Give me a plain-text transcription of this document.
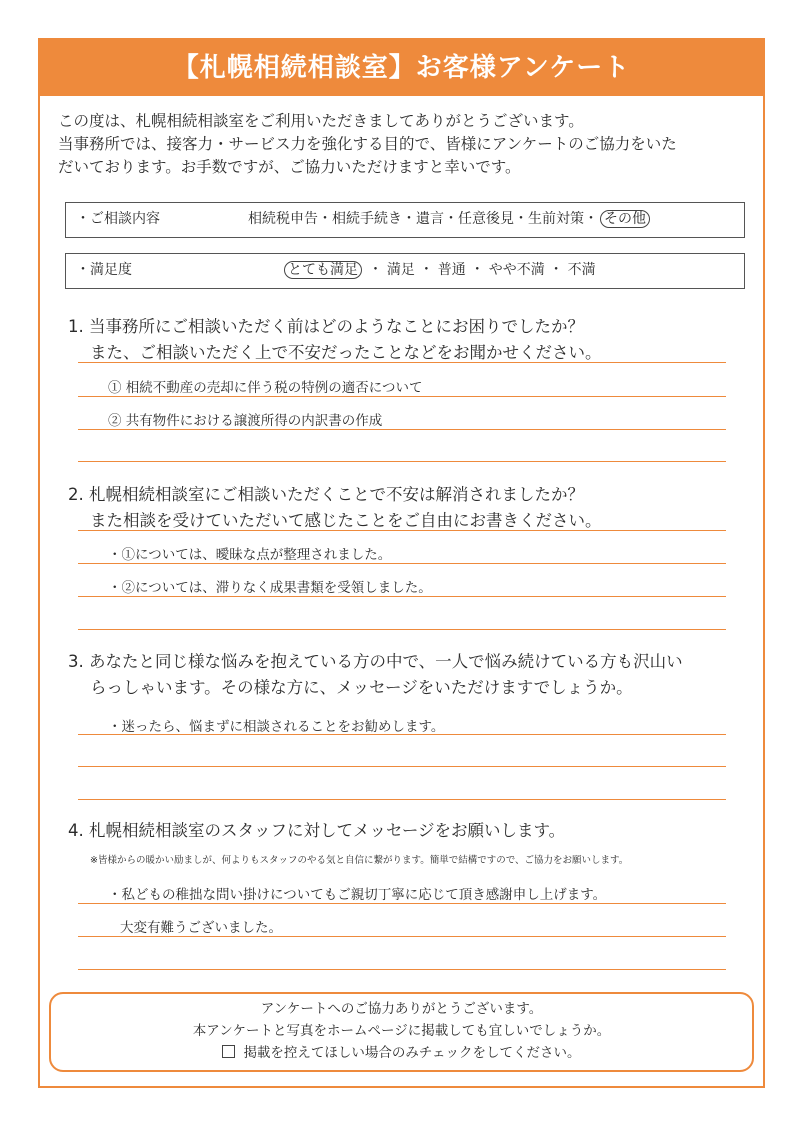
【札幌相続相談室】お客様アンケート
この度は、札幌相続相談室をご利用いただきましてありがとうございます。
当事務所では、接客力・サービス力を強化する目的で、皆様にアンケートのご協力をいた
だいております。お手数ですが、ご協力いただけますと幸いです。
・ご相談内容	相続税申告・相続手続き・遺言・任意後見・生前対策・ その他
・満足度	とても満足 ・ 満足 ・ 普通 ・ やや不満 ・ 不満
1. 当事務所にご相談いただく前はどのようなことにお困りでしたか？
また、ご相談いただく上で不安だったことなどをお聞かせください。
① 相続不動産の売却に伴う税の特例の適否について
② 共有物件における譲渡所得の内訳書の作成
2. 札幌相続相談室にご相談いただくことで不安は解消されましたか？
また相談を受けていただいて感じたことをご自由にお書きください。
・①については、曖昧な点が整理されました。
・②については、滞りなく成果書類を受領しました。
3. あなたと同じ様な悩みを抱えている方の中で、一人で悩み続けている方も沢山い
らっしゃいます。その様な方に、メッセージをいただけますでしょうか。
・迷ったら、悩まずに相談されることをお勧めします。
4. 札幌相続相談室のスタッフに対してメッセージをお願いします。
※皆様からの暖かい励ましが、何よりもスタッフのやる気と自信に繋がります。簡単で結構ですので、ご協力をお願いします。
・私どもの稚拙な問い掛けについてもご親切丁寧に応じて頂き感謝申し上げます。
大変有難うございました。
アンケートへのご協力ありがとうございます。
本アンケートと写真をホームページに掲載しても宜しいでしょうか。
掲載を控えてほしい場合のみチェックをしてください。
